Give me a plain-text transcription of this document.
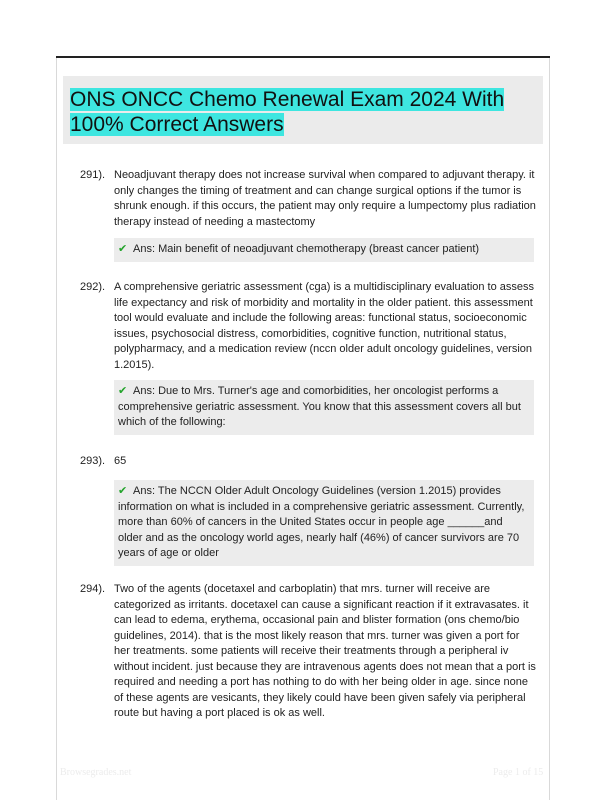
ONS ONCC Chemo Renewal Exam 2024 With 100% Correct Answers
291). Neoadjuvant therapy does not increase survival when compared to adjuvant therapy. it only changes the timing of treatment and can change surgical options if the tumor is shrunk enough. if this occurs, the patient may only require a lumpectomy plus radiation therapy instead of needing a mastectomy
✔ Ans: Main benefit of neoadjuvant chemotherapy (breast cancer patient)
292). A comprehensive geriatric assessment (cga) is a multidisciplinary evaluation to assess life expectancy and risk of morbidity and mortality in the older patient. this assessment tool would evaluate and include the following areas: functional status, socioeconomic issues, psychosocial distress, comorbidities, cognitive function, nutritional status, polypharmacy, and a medication review (nccn older adult oncology guidelines, version 1.2015).
✔ Ans: Due to Mrs. Turner's age and comorbidities, her oncologist performs a comprehensive geriatric assessment. You know that this assessment covers all but which of the following:
293). 65
✔ Ans: The NCCN Older Adult Oncology Guidelines (version 1.2015) provides information on what is included in a comprehensive geriatric assessment. Currently, more than 60% of cancers in the United States occur in people age ______and older and as the oncology world ages, nearly half (46%) of cancer survivors are 70 years of age or older
294). Two of the agents (docetaxel and carboplatin) that mrs. turner will receive are categorized as irritants. docetaxel can cause a significant reaction if it extravasates. it can lead to edema, erythema, occasional pain and blister formation (ons chemo/bio guidelines, 2014). that is the most likely reason that mrs. turner was given a port for her treatments. some patients will receive their treatments through a peripheral iv without incident. just because they are intravenous agents does not mean that a port is required and needing a port has nothing to do with her being older in age. since none of these agents are vesicants, they likely could have been given safely via peripheral route but having a port placed is ok as well.
Browsegrades.net	Page 1 of 15
